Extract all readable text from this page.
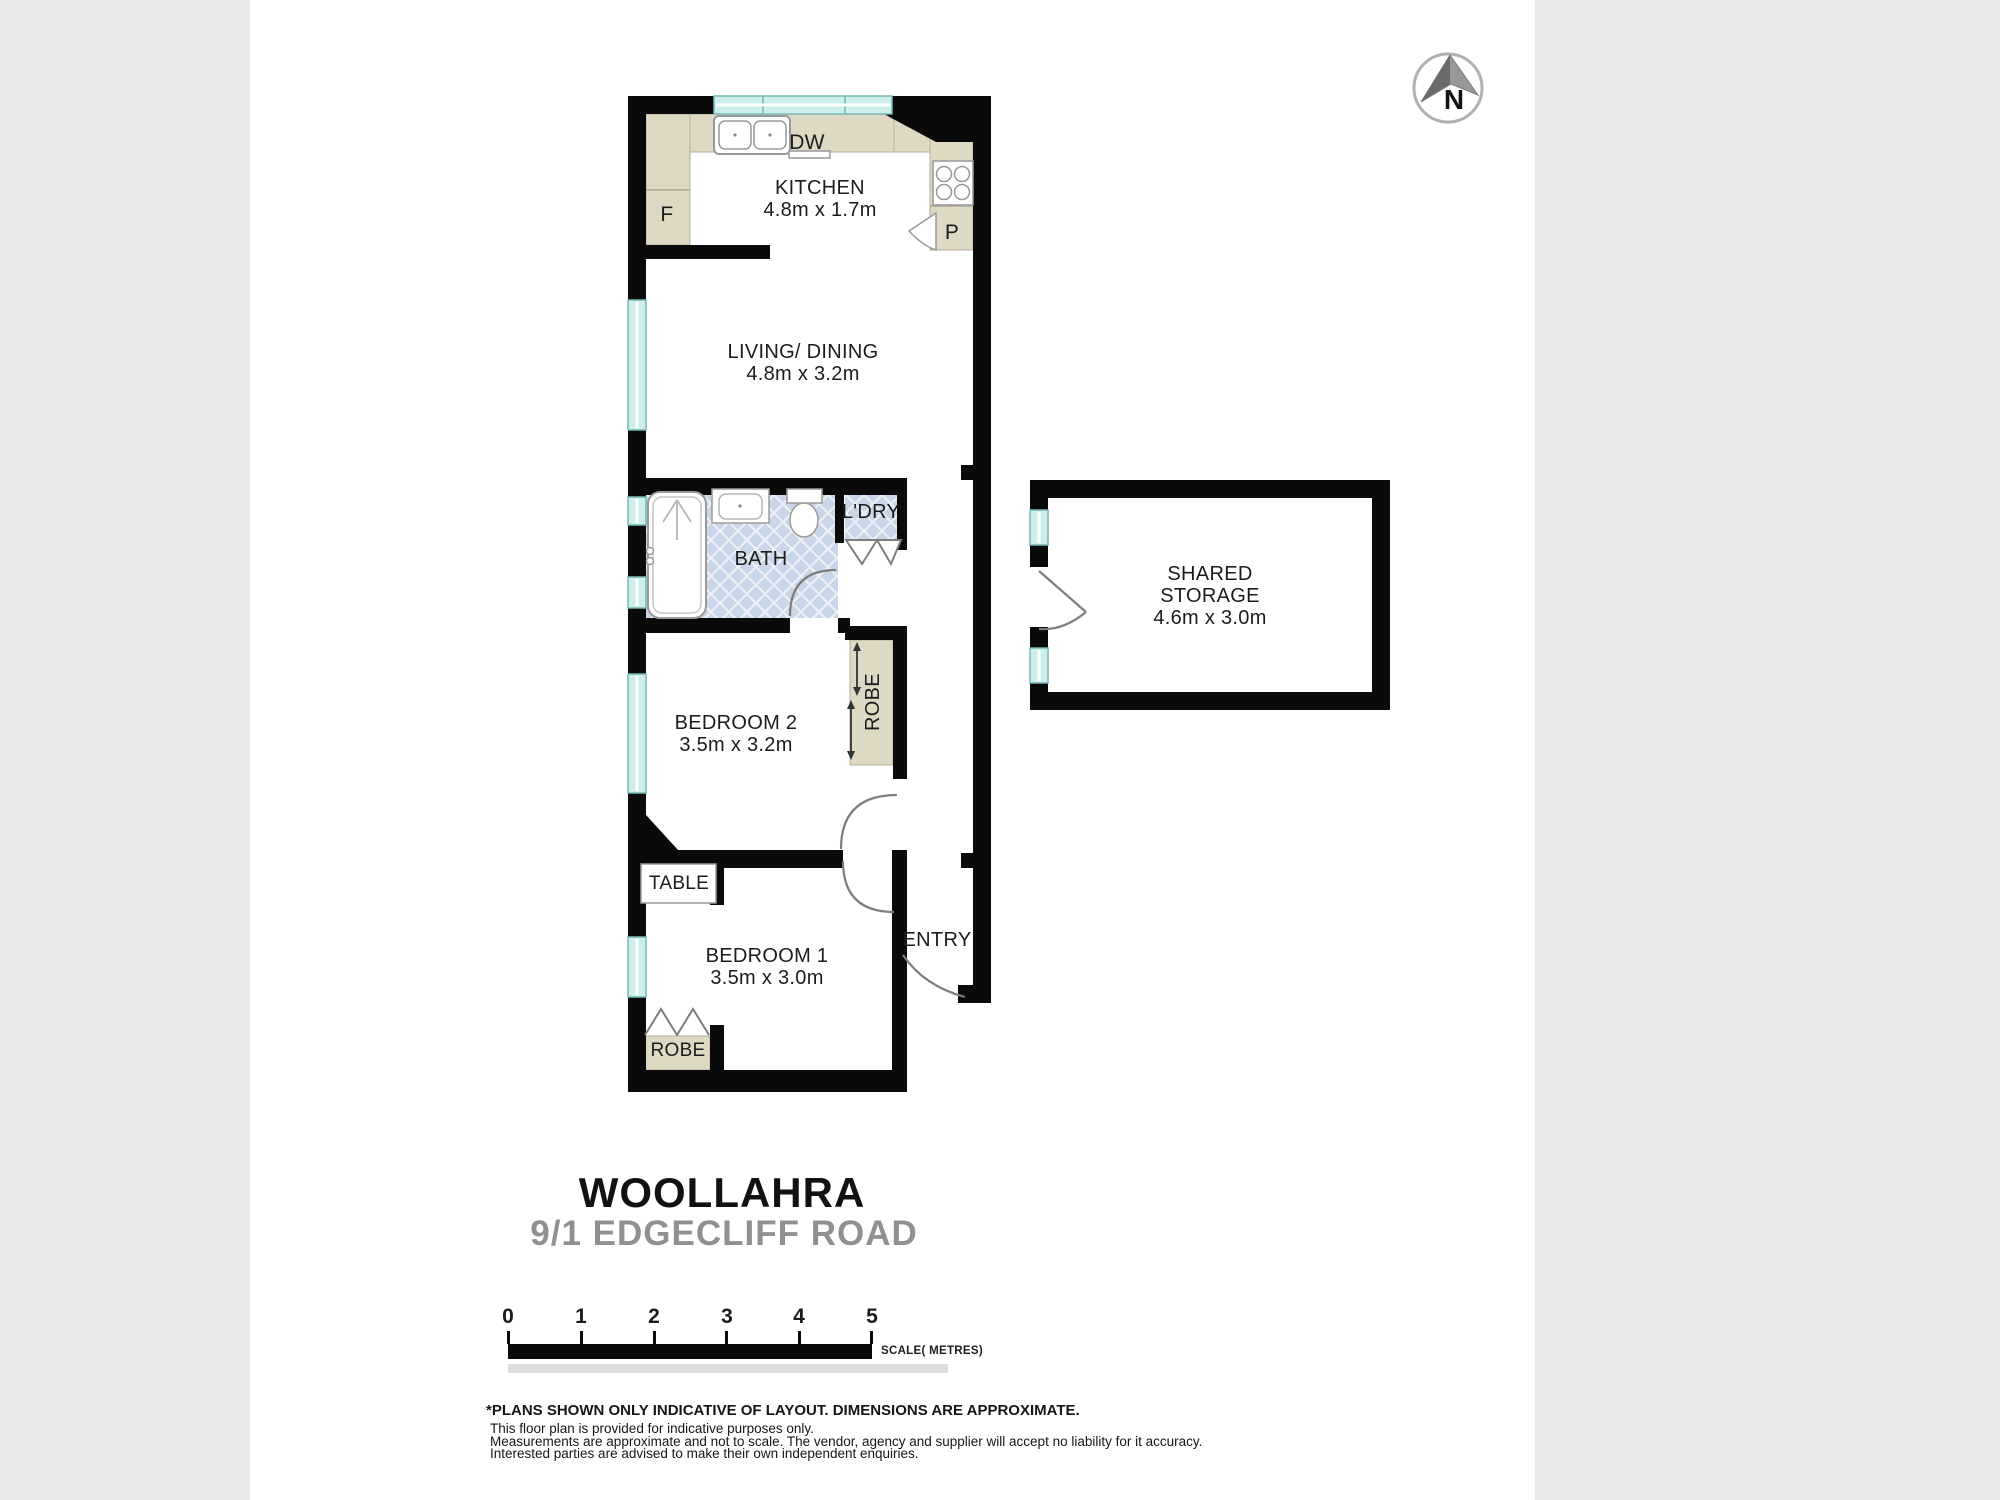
KITCHEN
4.8m x 1.7m
LIVING/ DINING
4.8m x 3.2m
BATH
L'DRY
BEDROOM 2
3.5m x 3.2m
ROBE
SHARED STORAGE
4.6m x 3.0m
TABLE
BEDROOM 1
3.5m x 3.0m
ENTRY
ROBE
F
DW
P
N
WOOLLAHRA
9/1 EDGECLIFF ROAD
0	1	2	3	4	5
SCALE( METRES)
*PLANS SHOWN ONLY INDICATIVE OF LAYOUT. DIMENSIONS ARE APPROXIMATE.
This floor plan is provided for indicative purposes only.
Measurements are approximate and not to scale. The vendor, agency and supplier will accept no liability for it accuracy.
Interested parties are advised to make their own independent enquiries.
